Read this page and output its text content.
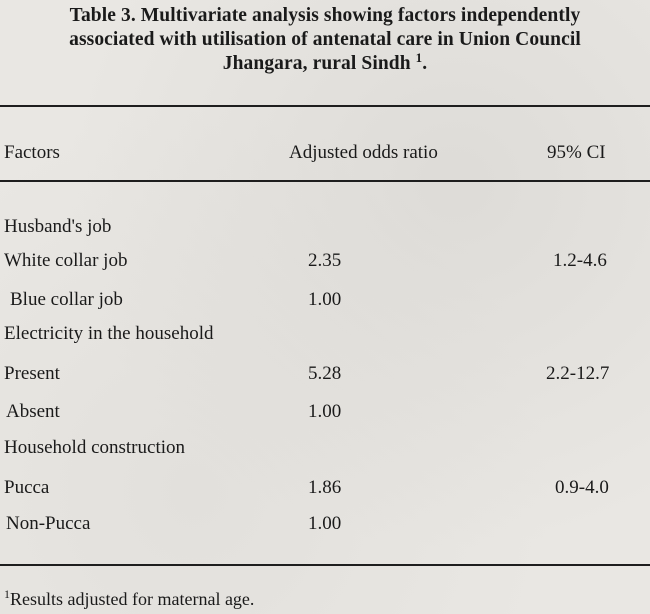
Table 3. Multivariate analysis showing factors independently
associated with utilisation of antenatal care in Union Council
Jhangara, rural Sindh $^1$.
Factors	Adjusted odds ratio	95% CI
Husband's job
White collar job	2.35	1.2-4.6
Blue collar job	1.00
Electricity in the household
Present	5.28	2.2-12.7
Absent	1.00
Household construction
Pucca	1.86	0.9-4.0
Non-Pucca	1.00
$^1$Results adjusted for maternal age.
